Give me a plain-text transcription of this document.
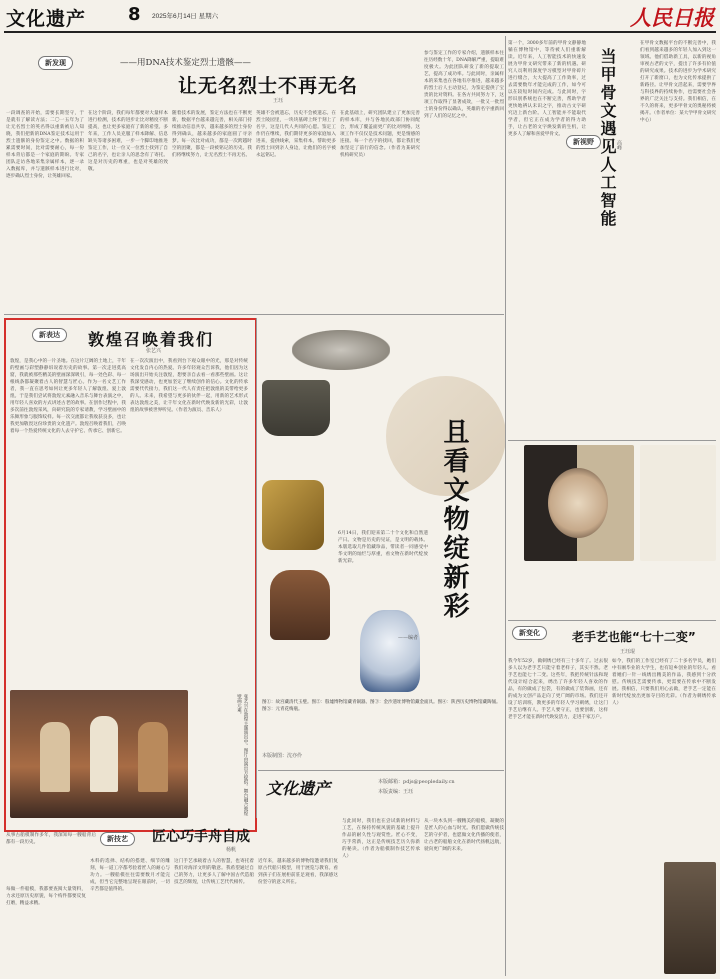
文化遗产 8 2025年6月14日 星期六	人民日报
新发现	——用DNA技术鉴定烈士遗骸——
让无名烈士不再无名
王珏
一段调查的开始，需要长期坚守，于是就有了解读方法；二〇一五年为了让无名烈士的英名得以重新被后人知晓，我们把新的DNA鉴定技术运用于烈士遗骸的身份鉴定之中。数据的积累需要时间，比对需要耐心，每一份样本背后都是一个家庭的期盼。专家团队走访各地采集亲属样本，逐一录入数据库，并与遗骸样本进行比对，逐步确认烈士身份，让英雄回家。
在这个阶段，我们每年都要对大量样本进行检测，技术的进步让比对精度不断提高，也让更多家庭有了新的希望。多年来，工作人员克服了样本降解、信息缺失等诸多困难，一步一个脚印地推进鉴定工作，让一位又一位烈士找到了自己的名字，也让亲人的思念有了寄托。这是对历史的尊重，也是对英雄的致敬。
随着技术的发展，鉴定方法也在不断更新，数据平台越来越完善，相关部门持续推动信息共享，越来越多的烈士身份得到确认，越来越多的家庭圆了寻亲梦。每一次比对成功，都是一次跨越时空的团聚，都是一段被铭记的历史。我们将继续努力，让无名烈士不再无名。
英雄不会被遗忘，历史不会被遗忘。在烈士陵园里，一块块墓碑上终于刻上了名字，这是几代人共同的心愿。鉴定工作仍在继续，我们期待更多的家庭加入进来，提供线索，采集样本，帮助更多的烈士回到亲人身边，让他们的名字被永远铭记。
在此基础上，研究团队建立了更加完善的样本库，并与各地民政部门协同配合，形成了覆盖面更广的比对网络。这项工作不仅仅是技术问题，更是情感的连接。每一个名字的找回，都让我们更加坚定了前行的信念。（作者为某研究机构研究员）
参与鉴定工作的专家介绍，遗骸样本往往历经数十年，DNA降解严重，提取难度极大。为此团队研发了新的提取工艺，提高了成功率。与此同时，亲属样本的采集也在各地有序推进，越来越多的烈士后人主动登记，为鉴定提供了宝贵的比对资料。在各方共同努力下，这项工作取得了显著成效，一批又一批烈士的身份得以确认，英雄的名字重新回到了人们的记忆之中。
第一个，3000多年前的甲骨文静静地躺在博物馆中，等待被人们重新解读。近年来，人工智能技术的快速发展为甲骨文研究带来了新的机遇。研究人员利用深度学习模型对甲骨碎片进行缀合，大大提高了工作效率，过去需要数年才能完成的工作，如今可以在较短时间内完成。与此同时，字形识别系统也在不断完善，帮助学者更快地辨认未识之字，推动古文字研究迈上新台阶。人工智能并不能取代学者，但它正在成为学者的得力助手，让古老的文字焕发新的生机，让更多人了解和喜爱甲骨文。
在甲骨文数据平台的不断完善中，我们看到越来越多的年轻人加入到这一领域。他们借助新工具，以新的视角审视古老的文字，提出了许多有价值的研究成果。技术的进步为学术研究打开了新窗口，也为文化传承提供了新路径。让甲骨文活起来，需要学界与科技界的持续协作，也需要社会各界的广泛关注与支持。我们相信，在不久的将来，更多甲骨文的奥秘将被揭开。（作者单位：某大学甲骨文研究中心）
新视野 当甲骨文遇见人工智能 高峰
新表达	敦煌召唤着我们
张艺兴
敦煌，是我心中的一片圣地。在这片辽阔的土地上，千年的壁画与彩塑静静诉说着历史的故事。第一次走进莫高窟，我就被那些精美的壁画深深吸引，每一处色彩、每一根线条都凝聚着古人的智慧与匠心。作为一名文艺工作者，我一直在思考如何让更多年轻人了解敦煌、爱上敦煌。于是我们尝试将敦煌元素融入音乐与舞台表演之中，用年轻人喜欢的方式讲述古老的故事。在创作过程中，我多次前往敦煌采风，向研究院的专家请教，学习壁画中的乐舞形象与服饰纹样。每一次交流都让我收获良多，也让我更加敬畏这份珍贵的文化遗产。敦煌召唤着我们，召唤着每一个热爱传统文化的人去守护它、传承它、创新它。
在一次次演出中，我看到台下观众眼中的光，那是对传统文化发自内心的热爱。许多年轻观众告诉我，他们因为这场演出开始关注敦煌，想要亲自去看一看那些壁画。这让我深受感动，也更加坚定了继续创作的信心。文化的传承需要代代接力，我们这一代人有责任把敦煌的美带给更多的人。未来，我希望与更多的伙伴一起，用新的艺术形式表达敦煌之美，让千年文化在新时代焕发新的光彩，让敦煌的故事被世界听见。（作者为演员、音乐人）
张艺兴在敦煌主题演出中。图片由演出方提供。舞台融合敦煌壁画元素。
6月14日，我们迎来第二十个文化和自然遗产日。文物是历史的见证，是文明的载体。本版选取几件馆藏珍品，带读者一同感受中华文明的灿烂与厚重，看文物在新时代绽放新光彩。
——编者
且看文物绽新彩
图①：故宫藏清代玉璧。图②：殷墟博物馆藏青铜器。图③：金沙遗址博物馆藏金面具。图④：陕西历史博物馆藏陶俑。图⑤：元青花梅瓶。
本版制图：沈亦伶
文化遗产	本版邮箱：pdjs@peopledaily.cn
本版责编：王珏
新变化	老手艺也能“七十二变”
王珏琨
我今年52岁，做刺绣已经有三十多年了。过去很多人以为老手艺只能守着老样子，其实不然。老手艺也能七十二变。这些年，我把传统针法和现代设计结合起来，绣出了许多年轻人喜欢的作品，有的做成了包袋，有的做成了装饰画，还有的成为文创产品走向了更广阔的市场。我们还开设了培训班，教更多的年轻人学习刺绣，让这门手艺后继有人。手艺人要守正，也要创新，这样老手艺才能在新时代焕发活力，走进千家万户。
如今，我们的工作室已经有了二十多名学员，她们中有刚毕业的大学生，也有返乡创业的年轻人。看着她们一针一线绣出精美的作品，我感到十分欣慰。传统技艺需要传承，更需要在传承中不断发展。我相信，只要我们用心去做，老手艺一定能在新时代绽放出更加夺目的光彩。（作者为刺绣传承人）
从事古船模制作多年，我深知每一艘船背后都有一段历史。	新技艺	匠心巧手舟自成
杨帆
每做一件船模，我都要查阅大量资料，力求还原历史原貌，每个构件都要反复打磨，精益求精。
木料的选择、结构的搭建、细节的雕刻，每一道工序都考验着匠人的耐心与功力。一艘船模往往需要数月才能完成，但当它完整地呈现在眼前时，一切辛苦都是值得的。
这门手艺承载着古人的智慧，也寄托着我们对海洋文明的敬意。我希望通过自己的努力，让更多人了解中国古代造船技艺的辉煌，让传统工艺代代相传。
近年来，越来越多的博物馆邀请我们复原古代船只模型，用于展览与教育。看到孩子们在展柜前驻足观看，我深感这份坚守的意义所在。
与此同时，我们也在尝试新的材料与工艺，在保持传统风貌的基础上提升作品的耐久性与观赏性。匠心不变，巧手常新，这正是传统技艺历久弥新的秘诀。（作者为船模制作技艺传承人）
从一块木头到一艘精美的船模，凝聚的是匠人的心血与时光。我们愿做传统技艺的守护者，也愿做文化传播的使者，让古老的船舶文化在新时代扬帆远航，驶向更广阔的未来。
